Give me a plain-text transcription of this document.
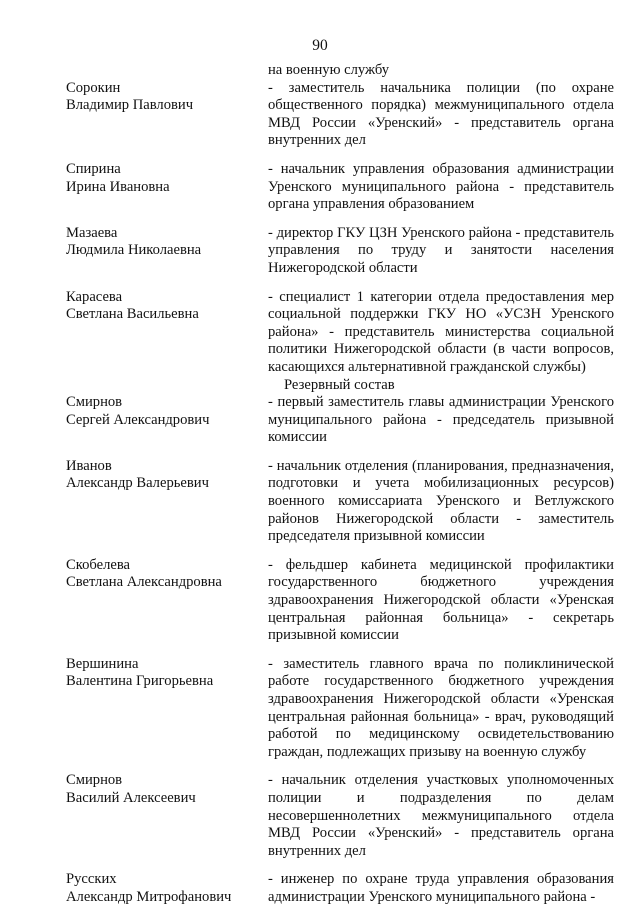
90
на военную службу
Сорокин
Владимир Павлович
- заместитель начальника полиции (по охране общественного порядка) межмуниципального отдела МВД России «Уренский» - представитель органа внутренних дел
Спирина
Ирина Ивановна
- начальник управления образования администрации Уренского муниципального района - представитель органа управления образованием
Мазаева
Людмила Николаевна
- директор ГКУ ЦЗН Уренского района - представитель управления по труду и занятости населения Нижегородской области
Карасева
Светлана Васильевна
- специалист 1 категории отдела предоставления мер социальной поддержки ГКУ НО «УСЗН Уренского района» - представитель министерства социальной политики Нижегородской области (в части вопросов, касающихся альтернативной гражданской службы)
Резервный состав
Смирнов
Сергей Александрович
- первый заместитель главы администрации Уренского муниципального района - председатель призывной комиссии
Иванов
Александр Валерьевич
- начальник отделения (планирования, предназначения, подготовки и учета мобилизационных ресурсов) военного комиссариата Уренского и Ветлужского районов Нижегородской области - заместитель председателя призывной комиссии
Скобелева
Светлана Александровна
- фельдшер кабинета медицинской профилактики государственного бюджетного учреждения здравоохранения Нижегородской области «Уренская центральная районная больница» - секретарь призывной комиссии
Вершинина
Валентина Григорьевна
- заместитель главного врача по поликлинической работе государственного бюджетного учреждения здравоохранения Нижегородской области «Уренская центральная районная больница» - врач, руководящий работой по медицинскому освидетельствованию граждан, подлежащих призыву на военную службу
Смирнов
Василий Алексеевич
- начальник отделения участковых уполномоченных полиции и подразделения по делам несовершеннолетних межмуниципального отдела МВД России «Уренский» - представитель органа внутренних дел
Русских
Александр Митрофанович
- инженер по охране труда управления образования администрации Уренского муниципального района -
